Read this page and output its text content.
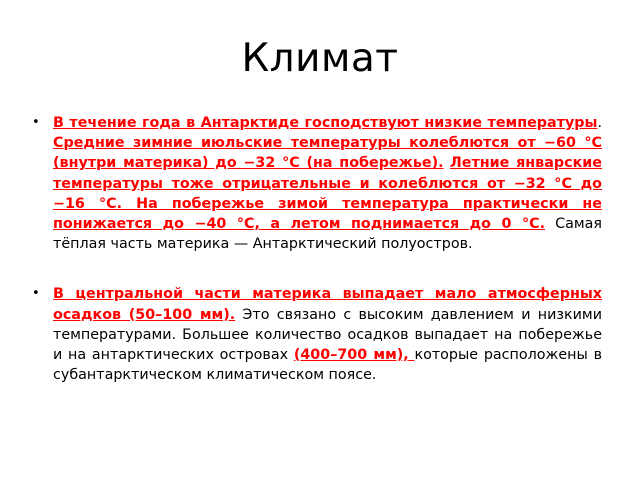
Климат
• В течение года в Антарктиде господствуют низкие температуры. Средние зимние июльские температуры колеблются от −60 °C (внутри материка) до −32 °C (на побережье). Летние январские температуры тоже отрицательные и колеблются от −32 °C до −16 °C. На побережье зимой температура практически не понижается до −40 °C, а летом поднимается до 0 °C. Самая тёплая часть материка — Антарктический полуостров.
• В центральной части материка выпадает мало атмосферных осадков (50–100 мм). Это связано с высоким давлением и низкими температурами. Большее количество осадков выпадает на побережье и на антарктических островах (400–700 мм), которые расположены в субантарктическом климатическом поясе.
